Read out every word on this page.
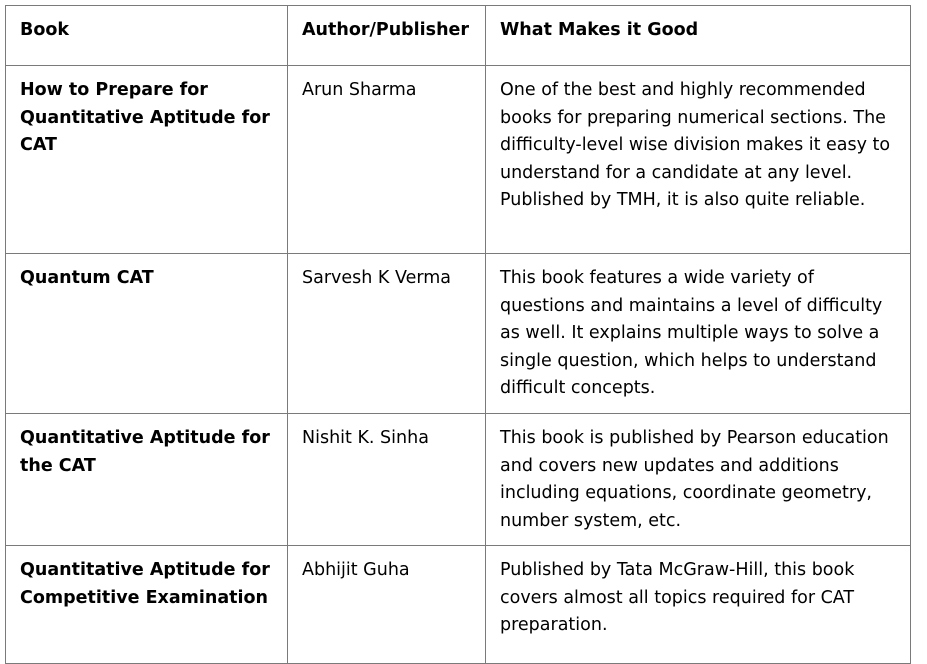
Book	Author/Publisher	What Makes it Good
How to Prepare for Quantitative Aptitude for CAT	Arun Sharma	One of the best and highly recommended books for preparing numerical sections. The difficulty-level wise division makes it easy to understand for a candidate at any level. Published by TMH, it is also quite reliable.
Quantum CAT	Sarvesh K Verma	This book features a wide variety of questions and maintains a level of difficulty as well. It explains multiple ways to solve a single question, which helps to understand difficult concepts.
Quantitative Aptitude for the CAT	Nishit K. Sinha	This book is published by Pearson education and covers new updates and additions including equations, coordinate geometry, number system, etc.
Quantitative Aptitude for Competitive Examination	Abhijit Guha	Published by Tata McGraw-Hill, this book covers almost all topics required for CAT preparation.
